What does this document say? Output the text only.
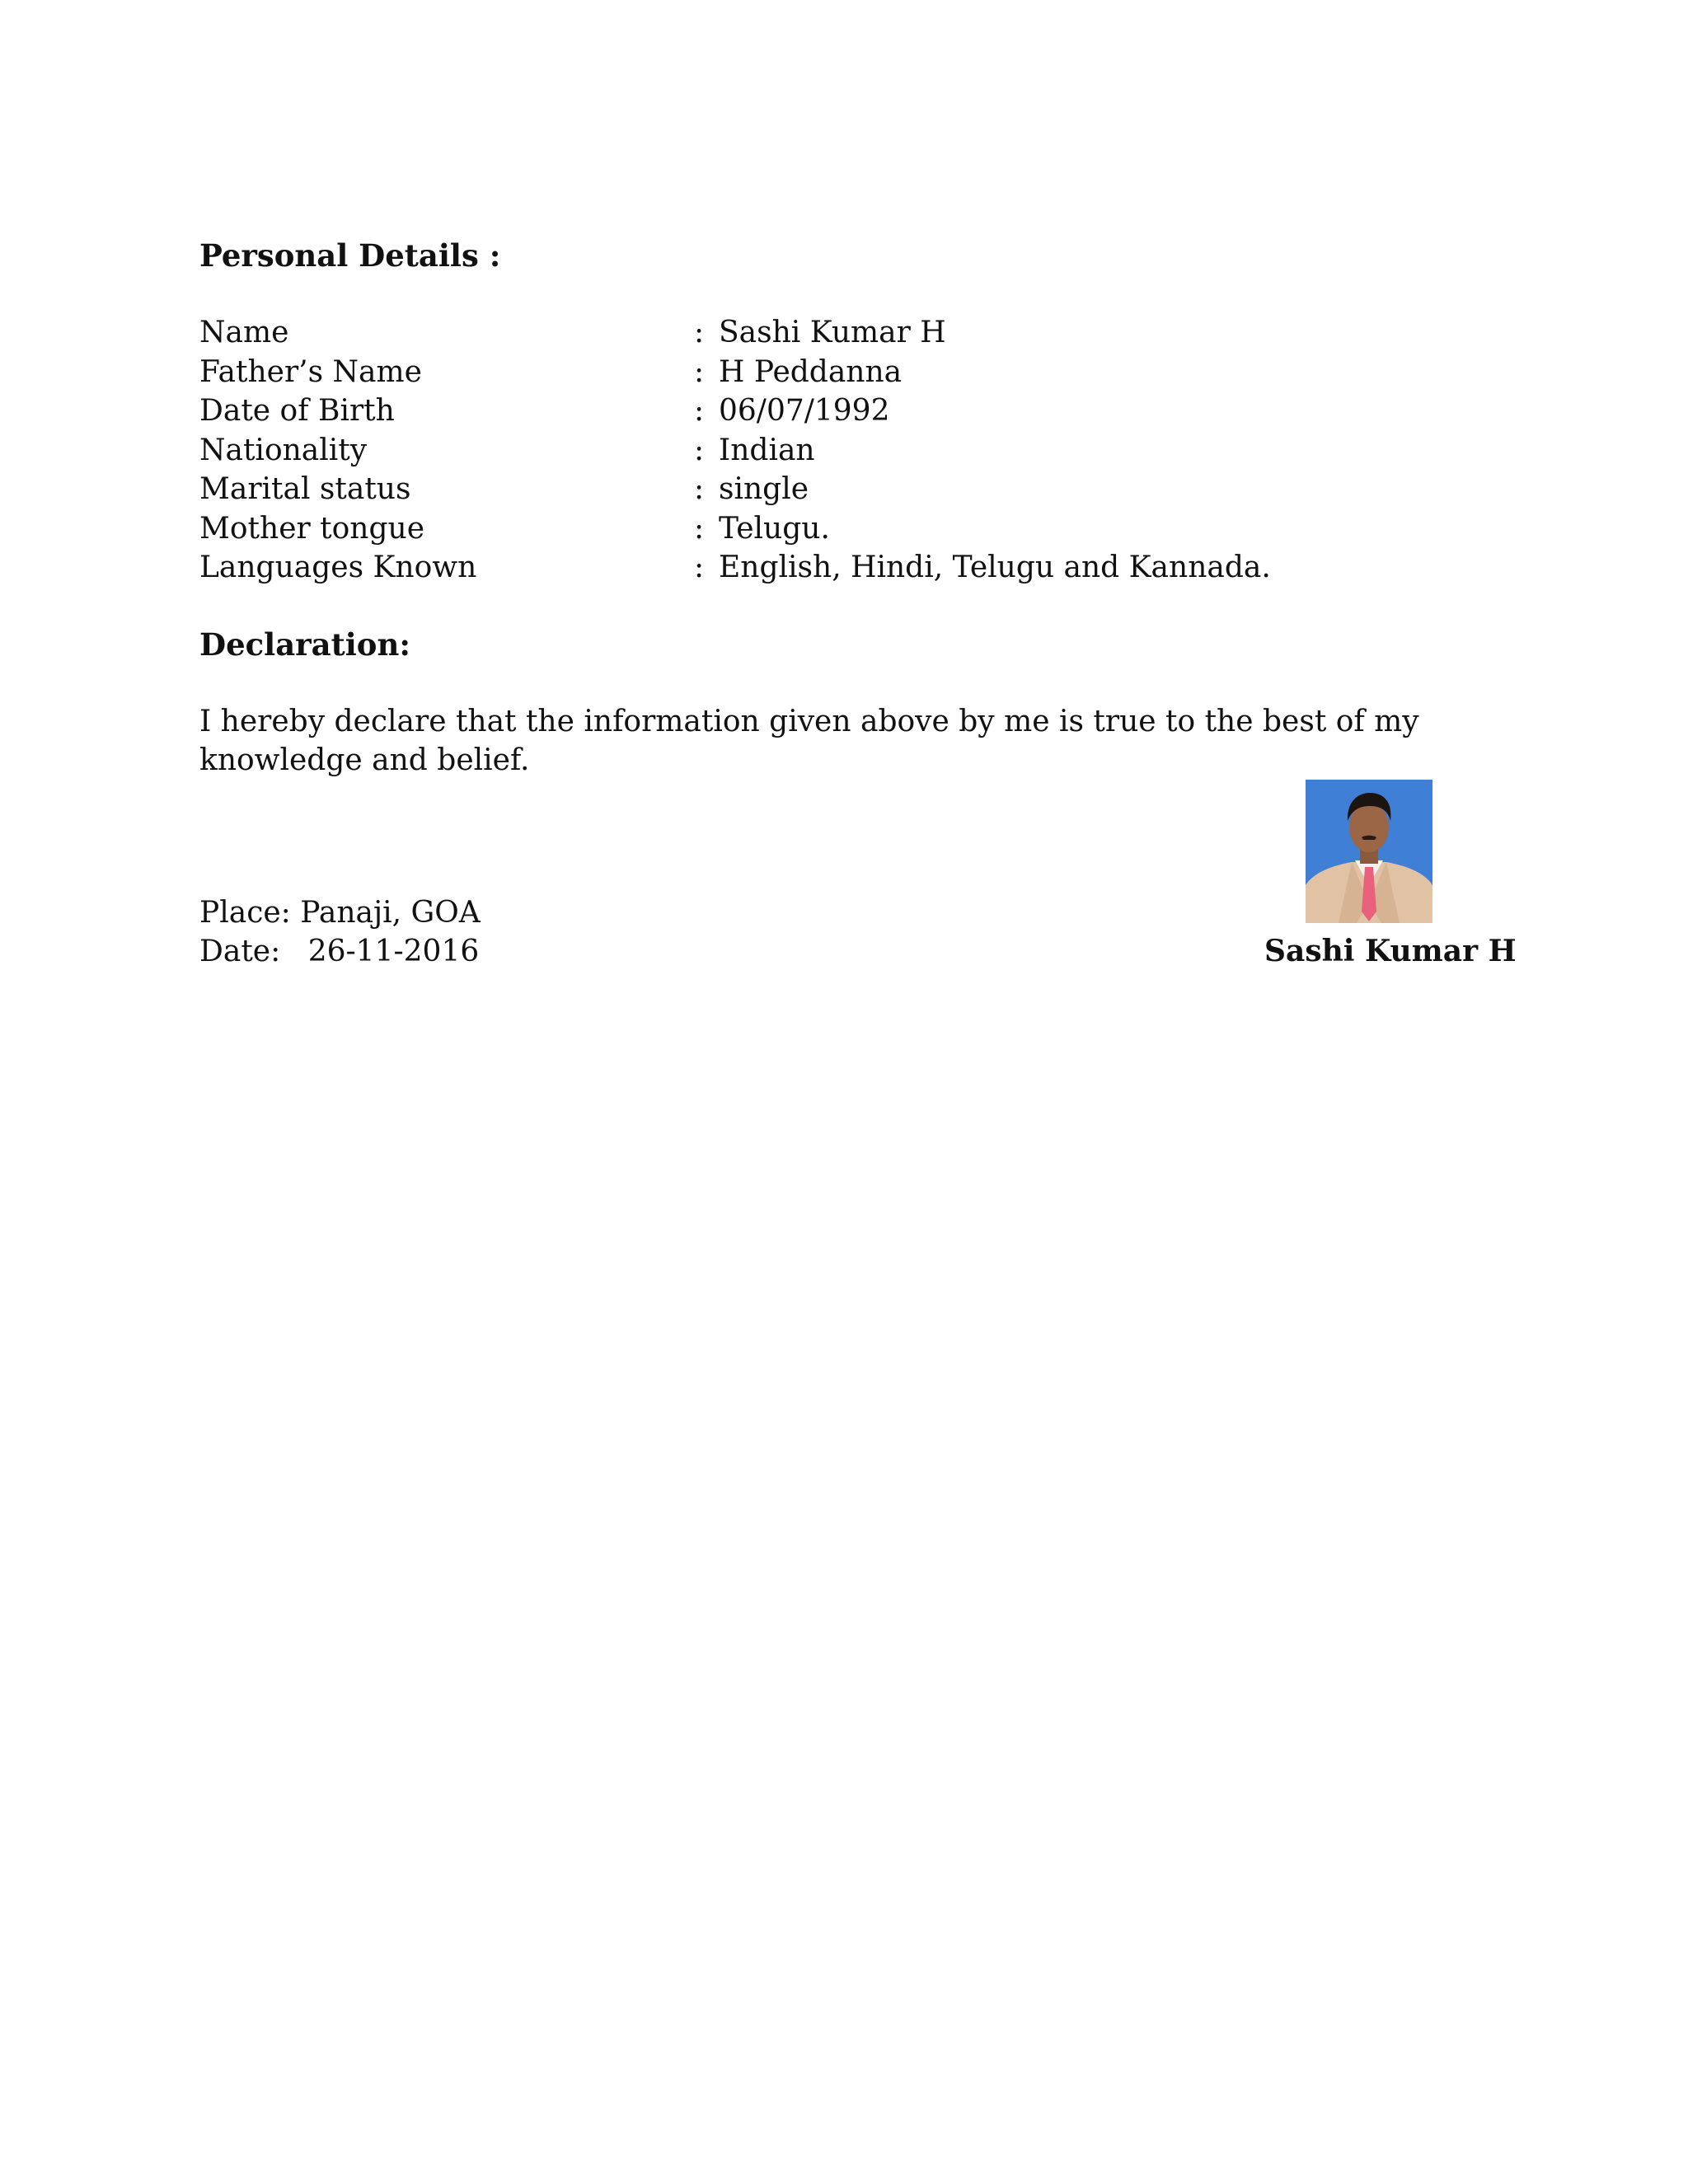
Personal Details :
Name	: Sashi Kumar H
Father’s Name	: H Peddanna
Date of Birth	: 06/07/1992
Nationality	: Indian
Marital status	: single
Mother tongue	: Telugu.
Languages Known	: English, Hindi, Telugu and Kannada.
Declaration:
I hereby declare that the information given above by me is true to the best of my knowledge and belief.
Place: Panaji, GOA
Date: 26-11-2016	Sashi Kumar H
